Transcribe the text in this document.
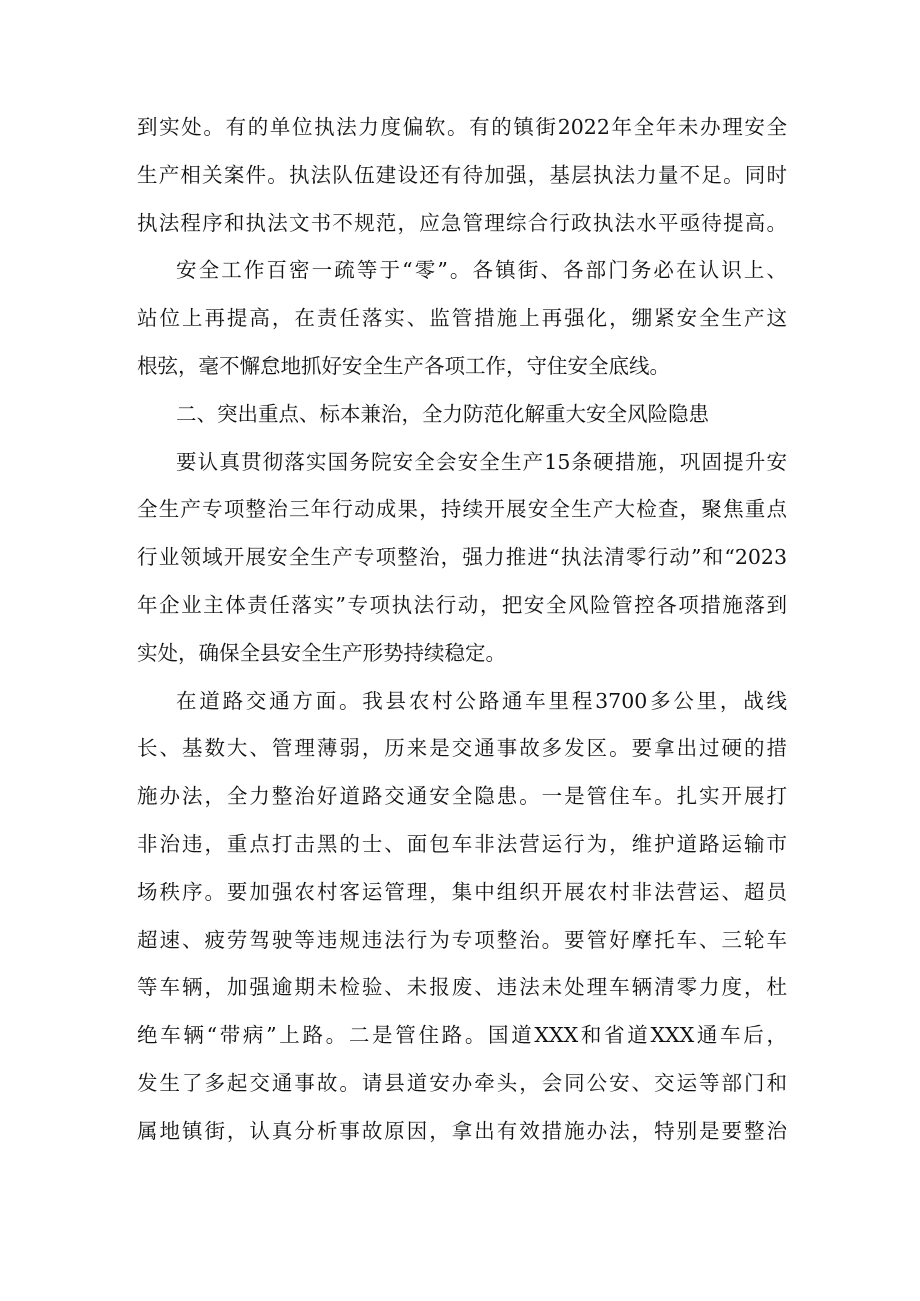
到实处。有的单位执法力度偏软。有的镇街2022年全年未办理安全
生产相关案件。执法队伍建设还有待加强，基层执法力量不足。同时
执法程序和执法文书不规范，应急管理综合行政执法水平亟待提高。
安全工作百密一疏等于“零”。各镇街、各部门务必在认识上、
站位上再提高，在责任落实、监管措施上再强化，绷紧安全生产这
根弦，毫不懈怠地抓好安全生产各项工作，守住安全底线。
二、突出重点、标本兼治，全力防范化解重大安全风险隐患
要认真贯彻落实国务院安全会安全生产15条硬措施，巩固提升安
全生产专项整治三年行动成果，持续开展安全生产大检查，聚焦重点
行业领域开展安全生产专项整治，强力推进“执法清零行动”和“2023
年企业主体责任落实”专项执法行动，把安全风险管控各项措施落到
实处，确保全县安全生产形势持续稳定。
在道路交通方面。我县农村公路通车里程3700多公里，战线
长、基数大、管理薄弱，历来是交通事故多发区。要拿出过硬的措
施办法，全力整治好道路交通安全隐患。一是管住车。扎实开展打
非治违，重点打击黑的士、面包车非法营运行为，维护道路运输市
场秩序。要加强农村客运管理，集中组织开展农村非法营运、超员
超速、疲劳驾驶等违规违法行为专项整治。要管好摩托车、三轮车
等车辆，加强逾期未检验、未报废、违法未处理车辆清零力度，杜
绝车辆“带病”上路。二是管住路。国道XXX和省道XXX通车后，
发生了多起交通事故。请县道安办牵头，会同公安、交运等部门和
属地镇街，认真分析事故原因，拿出有效措施办法，特别是要整治
